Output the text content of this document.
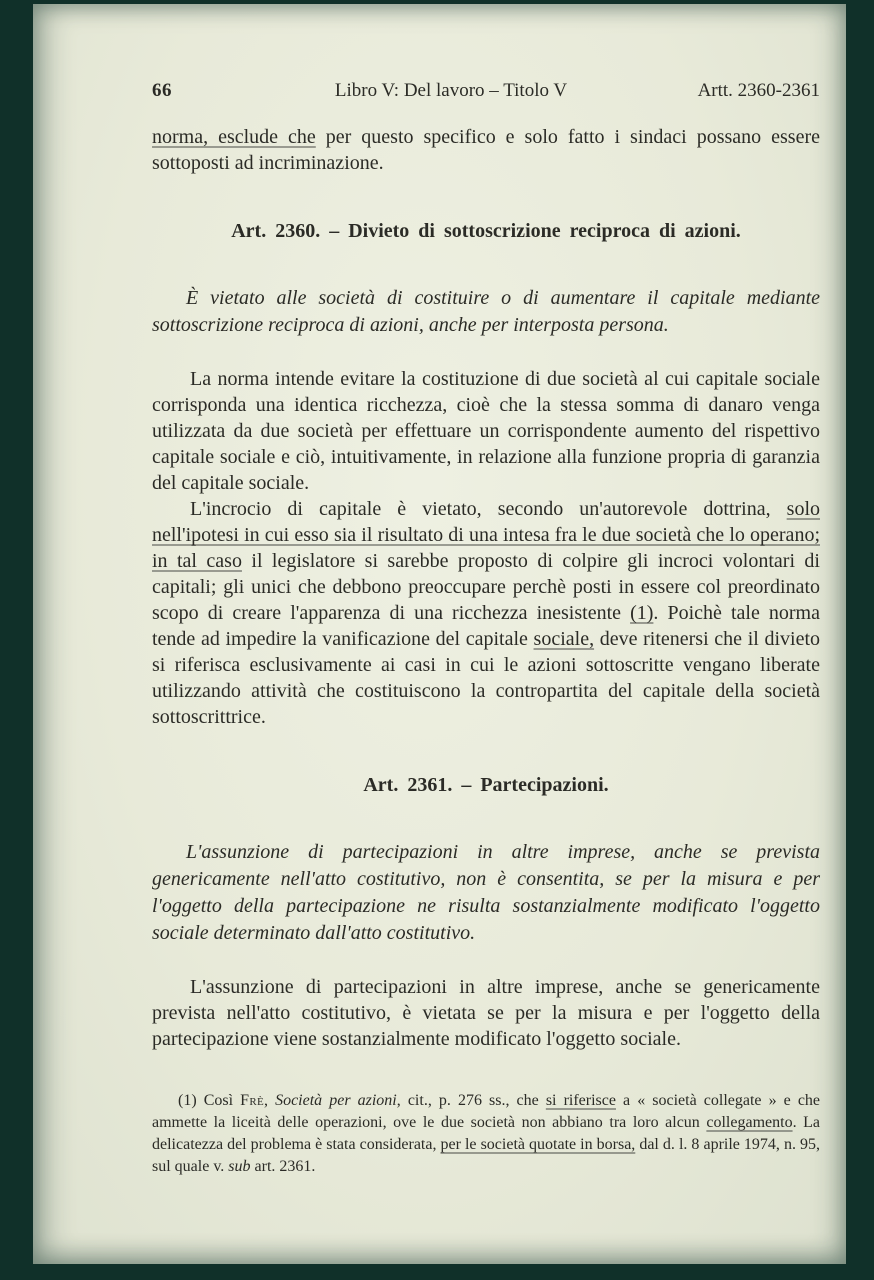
66	Libro V: Del lavoro – Titolo V	Artt. 2360-2361

norma, esclude che per questo specifico e solo fatto i sindaci possano essere sottoposti ad incriminazione.

Art. 2360. – Divieto di sottoscrizione reciproca di azioni.

È vietato alle società di costituire o di aumentare il capitale mediante sottoscrizione reciproca di azioni, anche per interposta persona.

La norma intende evitare la costituzione di due società al cui capitale sociale corrisponda una identica ricchezza, cioè che la stessa somma di danaro venga utilizzata da due società per effettuare un corrispondente aumento del rispettivo capitale sociale e ciò, intuitivamente, in relazione alla funzione propria di garanzia del capitale sociale.

L'incrocio di capitale è vietato, secondo un'autorevole dottrina, solo nell'ipotesi in cui esso sia il risultato di una intesa fra le due società che lo operano; in tal caso il legislatore si sarebbe proposto di colpire gli incroci volontari di capitali; gli unici che debbono preoccupare perchè posti in essere col preordinato scopo di creare l'apparenza di una ricchezza inesistente (1). Poichè tale norma tende ad impedire la vanificazione del capitale sociale, deve ritenersi che il divieto si riferisca esclusivamente ai casi in cui le azioni sottoscritte vengano liberate utilizzando attività che costituiscono la contropartita del capitale della società sottoscrittrice.

Art. 2361. – Partecipazioni.

L'assunzione di partecipazioni in altre imprese, anche se prevista genericamente nell'atto costitutivo, non è consentita, se per la misura e per l'oggetto della partecipazione ne risulta sostanzialmente modificato l'oggetto sociale determinato dall'atto costitutivo.

L'assunzione di partecipazioni in altre imprese, anche se genericamente prevista nell'atto costitutivo, è vietata se per la misura e per l'oggetto della partecipazione viene sostanzialmente modificato l'oggetto sociale.

(1) Così Frè, Società per azioni, cit., p. 276 ss., che si riferisce a « società collegate » e che ammette la liceità delle operazioni, ove le due società non abbiano tra loro alcun collegamento. La delicatezza del problema è stata considerata, per le società quotate in borsa, dal d. l. 8 aprile 1974, n. 95, sul quale v. sub art. 2361.
